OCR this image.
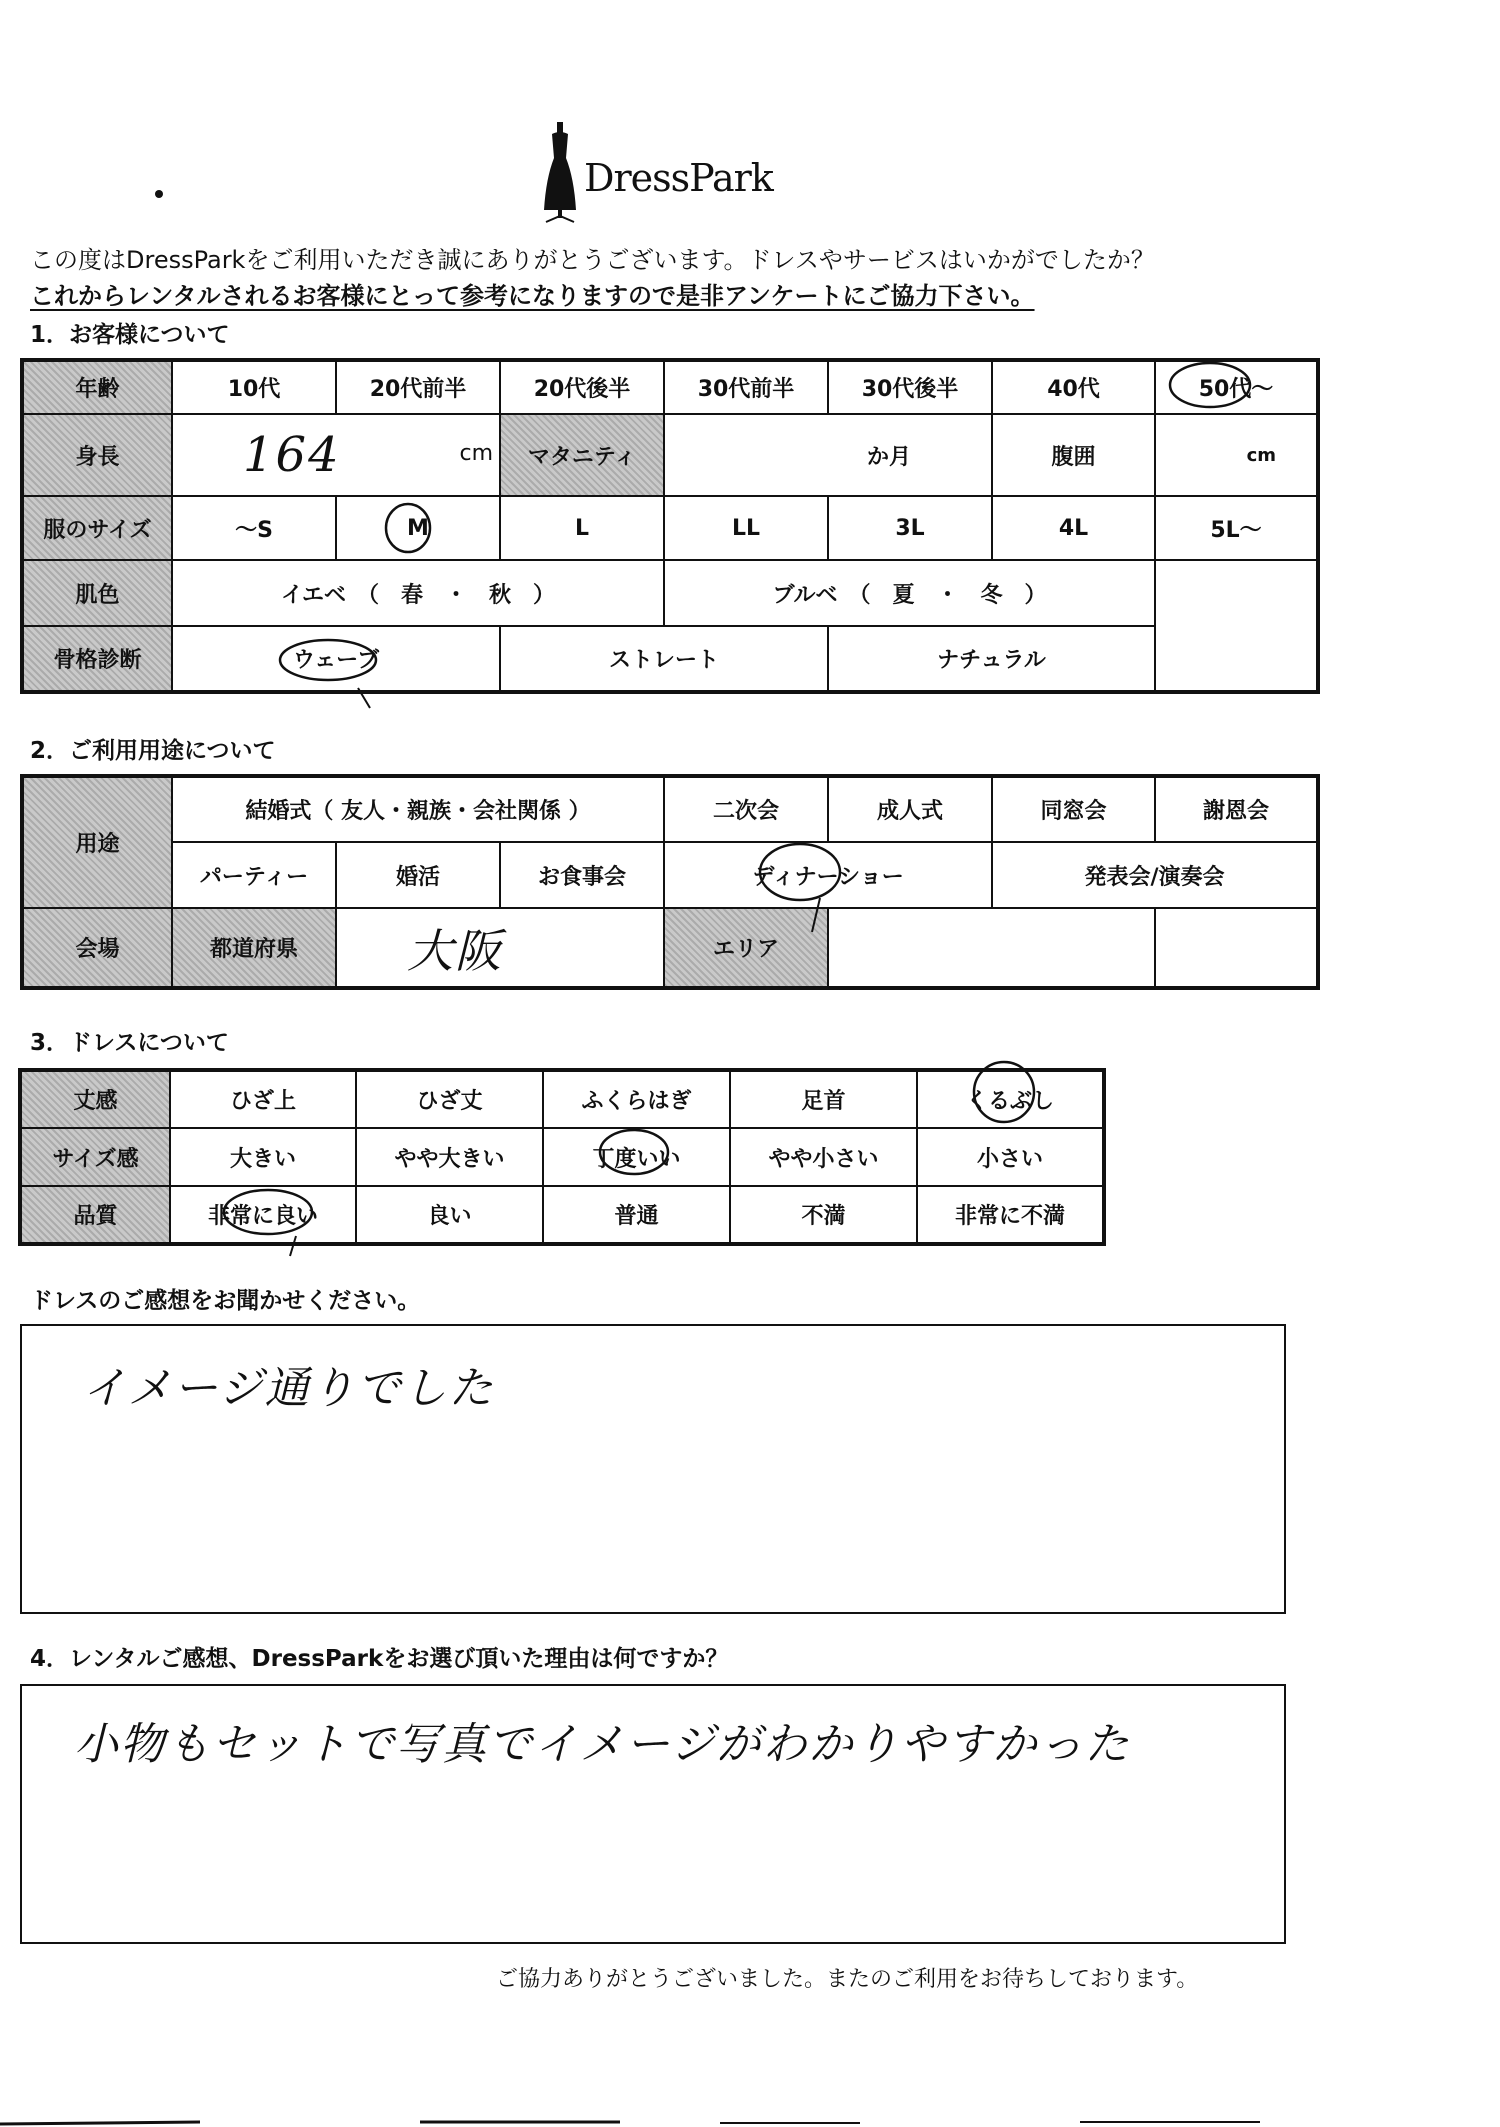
DressPark
この度はDressParkをご利用いただき誠にありがとうございます。ドレスやサービスはいかがでしたか？
これからレンタルされるお客様にとって参考になりますので是非アンケートにご協力下さい。
1．お客様について
年齢	10代	20代前半	20代後半	30代前半	30代後半	40代	50代～
身長	164 cm		マタニティ	か月		腹囲	cm
服のサイズ	～S	M	L	LL	3L	4L	5L～
肌色	イエベ　（　春　・　秋　）			ブルベ　（　夏　・　冬　）			
骨格診断	ウェーブ		ストレート		ナチュラル		
2．ご利用用途について
用途	結婚式（ 友人・親族・会社関係 ）			二次会	成人式	同窓会	謝恩会
	パーティー	婚活	お食事会	ディナーショー		発表会/演奏会	
会場	都道府県	大阪		エリア			
3．ドレスについて
丈感	ひざ上	ひざ丈	ふくらはぎ	足首	くるぶし
サイズ感	大きい	やや大きい	丁度いい	やや小さい	小さい
品質	非常に良い	良い	普通	不満	非常に不満
ドレスのご感想をお聞かせください。
イメージ通りでした
4．レンタルご感想、DressParkをお選び頂いた理由は何ですか？
小物もセットで写真でイメージがわかりやすかった
ご協力ありがとうございました。またのご利用をお待ちしております。
